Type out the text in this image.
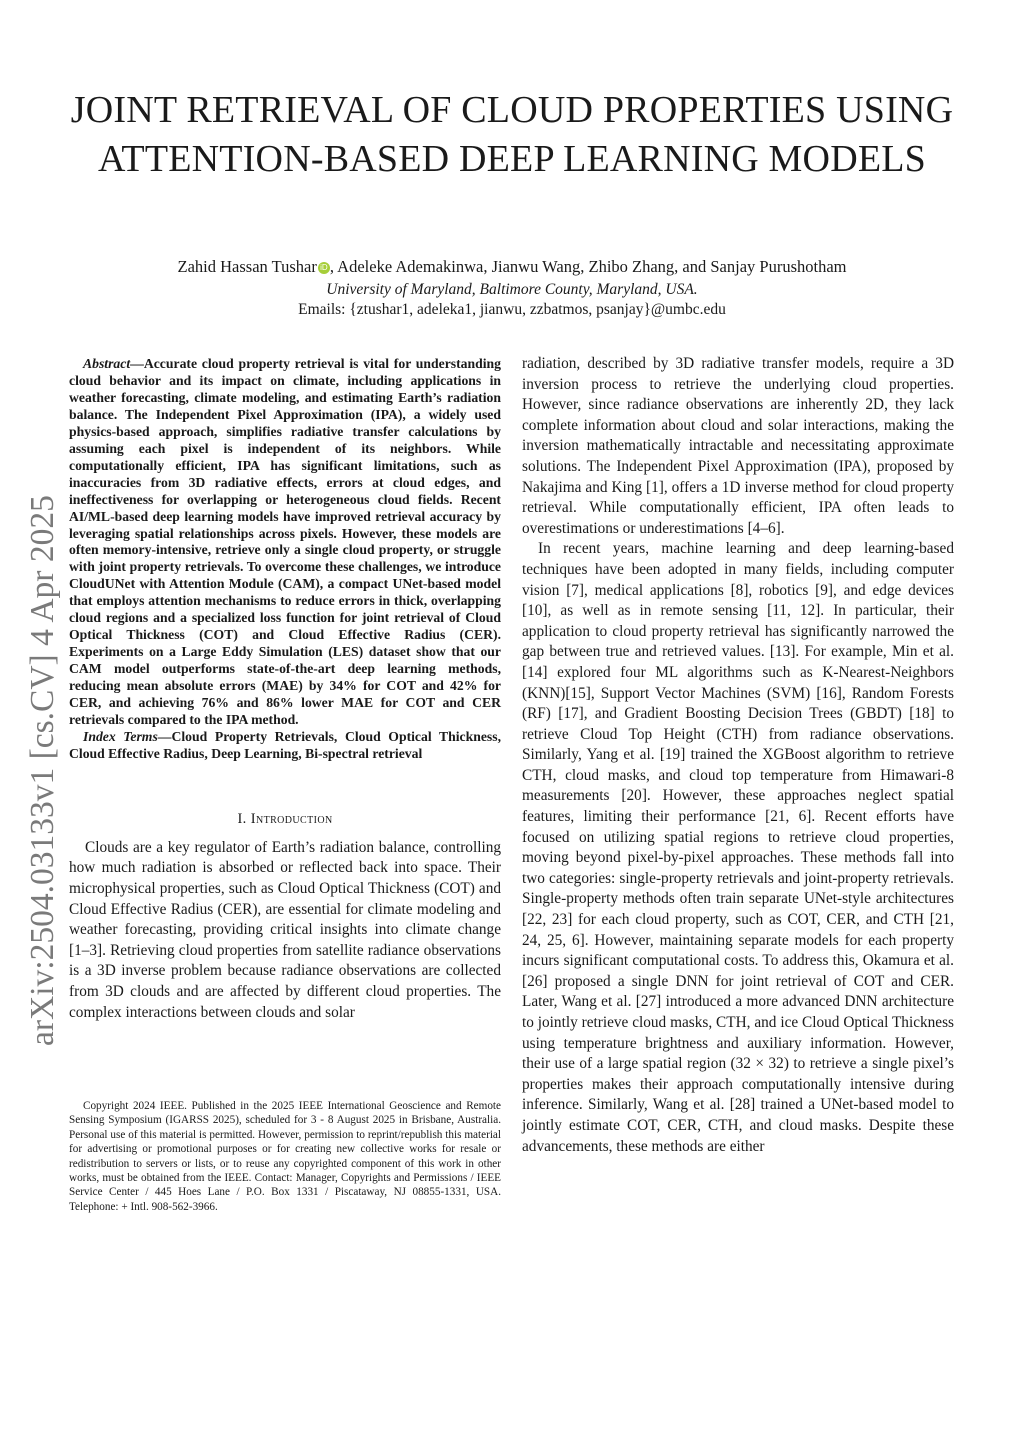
arXiv:2504.03133v1 [cs.CV] 4 Apr 2025
JOINT RETRIEVAL OF CLOUD PROPERTIES USING ATTENTION-BASED DEEP LEARNING MODELS
Zahid Hassan Tushar iD , Adeleke Ademakinwa, Jianwu Wang, Zhibo Zhang, and Sanjay Purushotham
University of Maryland, Baltimore County, Maryland, USA.
Emails: {ztushar1, adeleka1, jianwu, zzbatmos, psanjay}@umbc.edu

Abstract—Accurate cloud property retrieval is vital for understanding cloud behavior and its impact on climate, including applications in weather forecasting, climate modeling, and estimating Earth’s radiation balance. The Independent Pixel Approximation (IPA), a widely used physics-based approach, simplifies radiative transfer calculations by assuming each pixel is independent of its neighbors. While computationally efficient, IPA has significant limitations, such as inaccuracies from 3D radiative effects, errors at cloud edges, and ineffectiveness for overlapping or heterogeneous cloud fields. Recent AI/ML-based deep learning models have improved retrieval accuracy by leveraging spatial relationships across pixels. However, these models are often memory-intensive, retrieve only a single cloud property, or struggle with joint property retrievals. To overcome these challenges, we introduce CloudUNet with Attention Module (CAM), a compact UNet-based model that employs attention mechanisms to reduce errors in thick, overlapping cloud regions and a specialized loss function for joint retrieval of Cloud Optical Thickness (COT) and Cloud Effective Radius (CER). Experiments on a Large Eddy Simulation (LES) dataset show that our CAM model outperforms state-of-the-art deep learning methods, reducing mean absolute errors (MAE) by 34% for COT and 42% for CER, and achieving 76% and 86% lower MAE for COT and CER retrievals compared to the IPA method.

Index Terms—Cloud Property Retrievals, Cloud Optical Thickness, Cloud Effective Radius, Deep Learning, Bi-spectral retrieval

I. Introduction

Clouds are a key regulator of Earth’s radiation balance, controlling how much radiation is absorbed or reflected back into space. Their microphysical properties, such as Cloud Optical Thickness (COT) and Cloud Effective Radius (CER), are essential for climate modeling and weather forecasting, providing critical insights into climate change [1–3]. Retrieving cloud properties from satellite radiance observations is a 3D inverse problem because radiance observations are collected from 3D clouds and are affected by different cloud properties. The complex interactions between clouds and solar

Copyright 2024 IEEE. Published in the 2025 IEEE International Geoscience and Remote Sensing Symposium (IGARSS 2025), scheduled for 3 - 8 August 2025 in Brisbane, Australia. Personal use of this material is permitted. However, permission to reprint/republish this material for advertising or promotional purposes or for creating new collective works for resale or redistribution to servers or lists, or to reuse any copyrighted component of this work in other works, must be obtained from the IEEE. Contact: Manager, Copyrights and Permissions / IEEE Service Center / 445 Hoes Lane / P.O. Box 1331 / Piscataway, NJ 08855-1331, USA. Telephone: + Intl. 908-562-3966.

radiation, described by 3D radiative transfer models, require a 3D inversion process to retrieve the underlying cloud properties. However, since radiance observations are inherently 2D, they lack complete information about cloud and solar interactions, making the inversion mathematically intractable and necessitating approximate solutions. The Independent Pixel Approximation (IPA), proposed by Nakajima and King [1], offers a 1D inverse method for cloud property retrieval. While computationally efficient, IPA often leads to overestimations or underestimations [4–6].

In recent years, machine learning and deep learning-based techniques have been adopted in many fields, including computer vision [7], medical applications [8], robotics [9], and edge devices [10], as well as in remote sensing [11, 12]. In particular, their application to cloud property retrieval has significantly narrowed the gap between true and retrieved values. [13]. For example, Min et al. [14] explored four ML algorithms such as K-Nearest-Neighbors (KNN)[15], Support Vector Machines (SVM) [16], Random Forests (RF) [17], and Gradient Boosting Decision Trees (GBDT) [18] to retrieve Cloud Top Height (CTH) from radiance observations. Similarly, Yang et al. [19] trained the XGBoost algorithm to retrieve CTH, cloud masks, and cloud top temperature from Himawari-8 measurements [20]. However, these approaches neglect spatial features, limiting their performance [21, 6]. Recent efforts have focused on utilizing spatial regions to retrieve cloud properties, moving beyond pixel-by-pixel approaches. These methods fall into two categories: single-property retrievals and joint-property retrievals. Single-property methods often train separate UNet-style architectures [22, 23] for each cloud property, such as COT, CER, and CTH [21, 24, 25, 6]. However, maintaining separate models for each property incurs significant computational costs. To address this, Okamura et al. [26] proposed a single DNN for joint retrieval of COT and CER. Later, Wang et al. [27] introduced a more advanced DNN architecture to jointly retrieve cloud masks, CTH, and ice Cloud Optical Thickness using temperature brightness and auxiliary information. However, their use of a large spatial region (32 × 32) to retrieve a single pixel’s properties makes their approach computationally intensive during inference. Similarly, Wang et al. [28] trained a UNet-based model to jointly estimate COT, CER, CTH, and cloud masks. Despite these advancements, these methods are either
